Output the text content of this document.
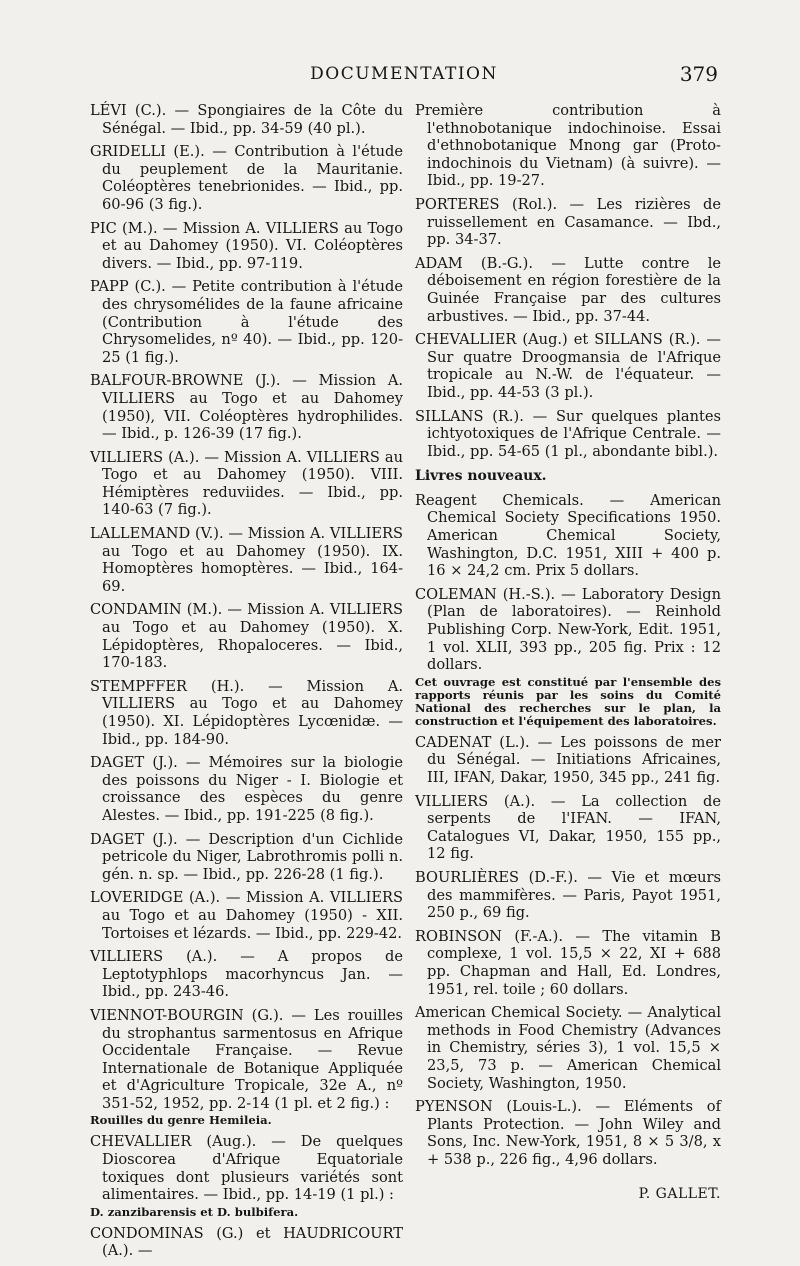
DOCUMENTATION	379

LÉVI (C.). — Spongiaires de la Côte du Sénégal. — Ibid., pp. 34-59 (40 pl.).

GRIDELLI (E.). — Contribution à l'étude du peuplement de la Mauritanie. Coléoptères tenebrionides. — Ibid., pp. 60-96 (3 fig.).

PIC (M.). — Mission A. VILLIERS au Togo et au Dahomey (1950). VI. Coléoptères divers. — Ibid., pp. 97-119.

PAPP (C.). — Petite contribution à l'étude des chrysomélides de la faune africaine (Contribution à l'étude des Chrysomelides, nº 40). — Ibid., pp. 120-25 (1 fig.).

BALFOUR-BROWNE (J.). — Mission A. VILLIERS au Togo et au Dahomey (1950), VII. Coléoptères hydrophilides. — Ibid., p. 126-39 (17 fig.).

VILLIERS (A.). — Mission A. VILLIERS au Togo et au Dahomey (1950). VIII. Hémiptères reduviides. — Ibid., pp. 140-63 (7 fig.).

LALLEMAND (V.). — Mission A. VILLIERS au Togo et au Dahomey (1950). IX. Homoptères homoptères. — Ibid., 164-69.

CONDAMIN (M.). — Mission A. VILLIERS au Togo et au Dahomey (1950). X. Lépidoptères, Rhopaloceres. — Ibid., 170-183.

STEMPFFER (H.). — Mission A. VILLIERS au Togo et au Dahomey (1950). XI. Lépidoptères Lycœnidæ. — Ibid., pp. 184-90.

DAGET (J.). — Mémoires sur la biologie des poissons du Niger - I. Biologie et croissance des espèces du genre Alestes. — Ibid., pp. 191-225 (8 fig.).

DAGET (J.). — Description d'un Cichlide petricole du Niger, Labrothromis polli n. gén. n. sp. — Ibid., pp. 226-28 (1 fig.).

LOVERIDGE (A.). — Mission A. VILLIERS au Togo et au Dahomey (1950) - XII. Tortoises et lézards. — Ibid., pp. 229-42.

VILLIERS (A.). — A propos de Leptotyphlops macorhyncus Jan. — Ibid., pp. 243-46.

VIENNOT-BOURGIN (G.). — Les rouilles du strophantus sarmentosus en Afrique Occidentale Française. — Revue Internationale de Botanique Appliquée et d'Agriculture Tropicale, 32e A., nº 351-52, 1952, pp. 2-14 (1 pl. et 2 fig.) :

Rouilles du genre Hemileia.

CHEVALLIER (Aug.). — De quelques Dioscorea d'Afrique Equatoriale toxiques dont plusieurs variétés sont alimentaires. — Ibid., pp. 14-19 (1 pl.) :

D. zanzibarensis et D. bulbifera.

CONDOMINAS (G.) et HAUDRICOURT (A.). —

Première contribution à l'ethnobotanique indochinoise. Essai d'ethnobotanique Mnong gar (Proto-indochinois du Vietnam) (à suivre). — Ibid., pp. 19-27.

PORTERES (Rol.). — Les rizières de ruissellement en Casamance. — Ibd., pp. 34-37.

ADAM (B.-G.). — Lutte contre le déboisement en région forestière de la Guinée Française par des cultures arbustives. — Ibid., pp. 37-44.

CHEVALLIER (Aug.) et SILLANS (R.). — Sur quatre Droogmansia de l'Afrique tropicale au N.-W. de l'équateur. — Ibid., pp. 44-53 (3 pl.).

SILLANS (R.). — Sur quelques plantes ichtyotoxiques de l'Afrique Centrale. — Ibid., pp. 54-65 (1 pl., abondante bibl.).

Livres nouveaux.

Reagent Chemicals. — American Chemical Society Specifications 1950. American Chemical Society, Washington, D.C. 1951, XIII + 400 p. 16 × 24,2 cm. Prix 5 dollars.

COLEMAN (H.-S.). — Laboratory Design (Plan de laboratoires). — Reinhold Publishing Corp. New-York, Edit. 1951, 1 vol. XLII, 393 pp., 205 fig. Prix : 12 dollars.

Cet ouvrage est constitué par l'ensemble des rapports réunis par les soins du Comité National des recherches sur le plan, la construction et l'équipement des laboratoires.

CADENAT (L.). — Les poissons de mer du Sénégal. — Initiations Africaines, III, IFAN, Dakar, 1950, 345 pp., 241 fig.

VILLIERS (A.). — La collection de serpents de l'IFAN. — IFAN, Catalogues VI, Dakar, 1950, 155 pp., 12 fig.

BOURLIÈRES (D.-F.). — Vie et mœurs des mammifères. — Paris, Payot 1951, 250 p., 69 fig.

ROBINSON (F.-A.). — The vitamin B complexe, 1 vol. 15,5 × 22, XI + 688 pp. Chapman and Hall, Ed. Londres, 1951, rel. toile ; 60 dollars.

American Chemical Society. — Analytical methods in Food Chemistry (Advances in Chemistry, séries 3), 1 vol. 15,5 × 23,5, 73 p. — American Chemical Society, Washington, 1950.

PYENSON (Louis-L.). — Eléments of Plants Protection. — John Wiley and Sons, Inc. New-York, 1951, 8 × 5 3/8, x + 538 p., 226 fig., 4,96 dollars.

P. GALLET.
